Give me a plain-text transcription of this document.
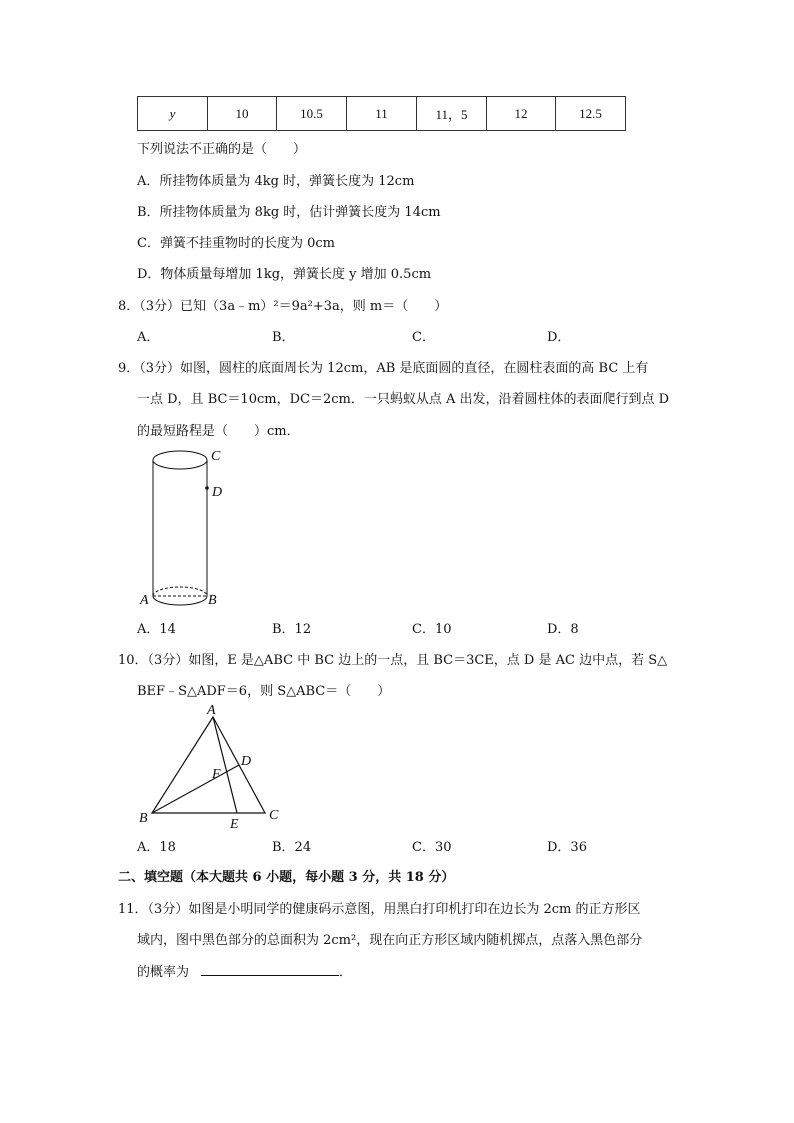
y	10	10.5	11	11，5	12	12.5
下列说法不正确的是（　　）
A．所挂物体质量为 4kg 时，弹簧长度为 12cm
B．所挂物体质量为 8kg 时，估计弹簧长度为 14cm
C．弹簧不挂重物时的长度为 0cm
D．物体质量每增加 1kg，弹簧长度 y 增加 0.5cm
8．（3分）已知（3a﹣m）²＝9a²+3a，则 m＝（　　）
A．	B．	C．	D．
9．（3分）如图，圆柱的底面周长为 12cm，AB 是底面圆的直径，在圆柱表面的高 BC 上有
一点 D，且 BC＝10cm，DC＝2cm．一只蚂蚁从点 A 出发，沿着圆柱体的表面爬行到点 D
的最短路程是（　　）cm．
C
D
A	B
A．14	B．12	C．10	D．8
10．（3分）如图，E 是△ABC 中 BC 边上的一点，且 BC＝3CE，点 D 是 AC 边中点，若 S△
BEF﹣S△ADF＝6，则 S△ABC＝（　　）
A
D
F
B	C
E
A．18	B．24	C．30	D．36
二、填空题（本大题共 6 小题，每小题 3 分，共 18 分）
11．（3分）如图是小明同学的健康码示意图，用黑白打印机打印在边长为 2cm 的正方形区
域内，图中黑色部分的总面积为 2cm²，现在向正方形区域内随机掷点，点落入黑色部分
的概率为	．
